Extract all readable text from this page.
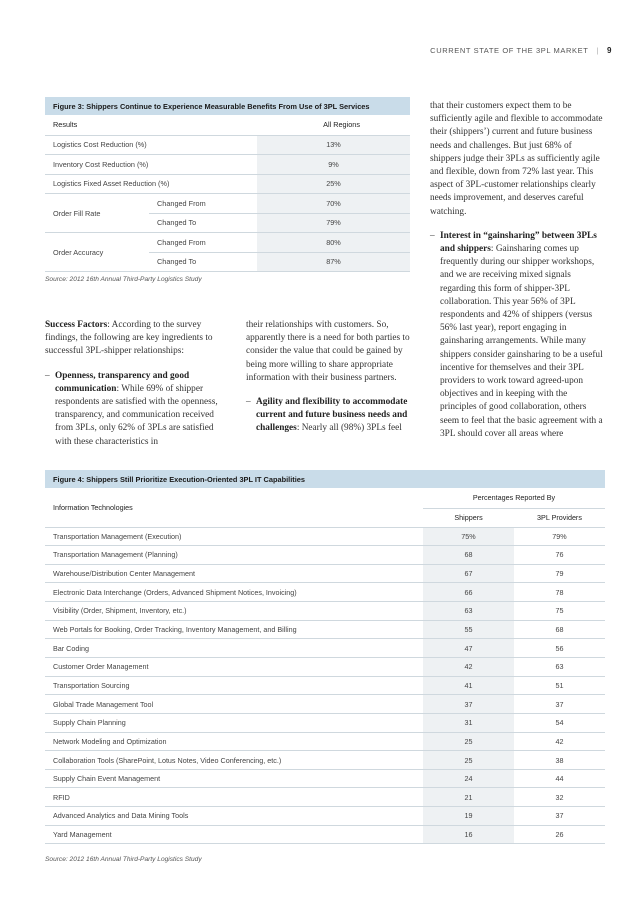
CURRENT STATE OF THE 3PL MARKET | 9
Figure 3: Shippers Continue to Experience Measurable Benefits From Use of 3PL Services
Results		All Regions
Logistics Cost Reduction (%)		13%
Inventory Cost Reduction (%)		9%
Logistics Fixed Asset Reduction (%)		25%
Order Fill Rate	Changed From	70%
	Changed To	79%
Order Accuracy	Changed From	80%
	Changed To	87%
Source: 2012 16th Annual Third-Party Logistics Study

Success Factors: According to the survey findings, the following are key ingredients to successful 3PL-shipper relationships:

– Openness, transparency and good communication: While 69% of shipper respondents are satisfied with the openness, transparency, and communication received from 3PLs, only 62% of 3PLs are satisfied with these characteristics in

their relationships with customers. So, apparently there is a need for both parties to consider the value that could be gained by being more willing to share appropriate information with their business partners.

– Agility and flexibility to accommodate current and future business needs and challenges: Nearly all (98%) 3PLs feel

that their customers expect them to be sufficiently agile and flexible to accommodate their (shippers’) current and future business needs and challenges. But just 68% of shippers judge their 3PLs as sufficiently agile and flexible, down from 72% last year. This aspect of 3PL-customer relationships clearly needs improvement, and deserves careful watching.

– Interest in “gainsharing” between 3PLs and shippers: Gainsharing comes up frequently during our shipper workshops, and we are receiving mixed signals regarding this form of shipper-3PL collaboration. This year 56% of 3PL respondents and 42% of shippers (versus 56% last year), report engaging in gainsharing arrangements. While many shippers consider gainsharing to be a useful incentive for themselves and their 3PL providers to work toward agreed-upon objectives and in keeping with the principles of good collaboration, others seem to feel that the basic agreement with a 3PL should cover all areas where
Figure 4: Shippers Still Prioritize Execution-Oriented 3PL IT Capabilities
Information Technologies	Percentages Reported By	
	Shippers	3PL Providers
Transportation Management (Execution)	75%	79%
Transportation Management (Planning)	68	76
Warehouse/Distribution Center Management	67	79
Electronic Data Interchange (Orders, Advanced Shipment Notices, Invoicing)	66	78
Visibility (Order, Shipment, Inventory, etc.)	63	75
Web Portals for Booking, Order Tracking, Inventory Management, and Billing	55	68
Bar Coding	47	56
Customer Order Management	42	63
Transportation Sourcing	41	51
Global Trade Management Tool	37	37
Supply Chain Planning	31	54
Network Modeling and Optimization	25	42
Collaboration Tools (SharePoint, Lotus Notes, Video Conferencing, etc.)	25	38
Supply Chain Event Management	24	44
RFID	21	32
Advanced Analytics and Data Mining Tools	19	37
Yard Management	16	26
Source: 2012 16th Annual Third-Party Logistics Study
